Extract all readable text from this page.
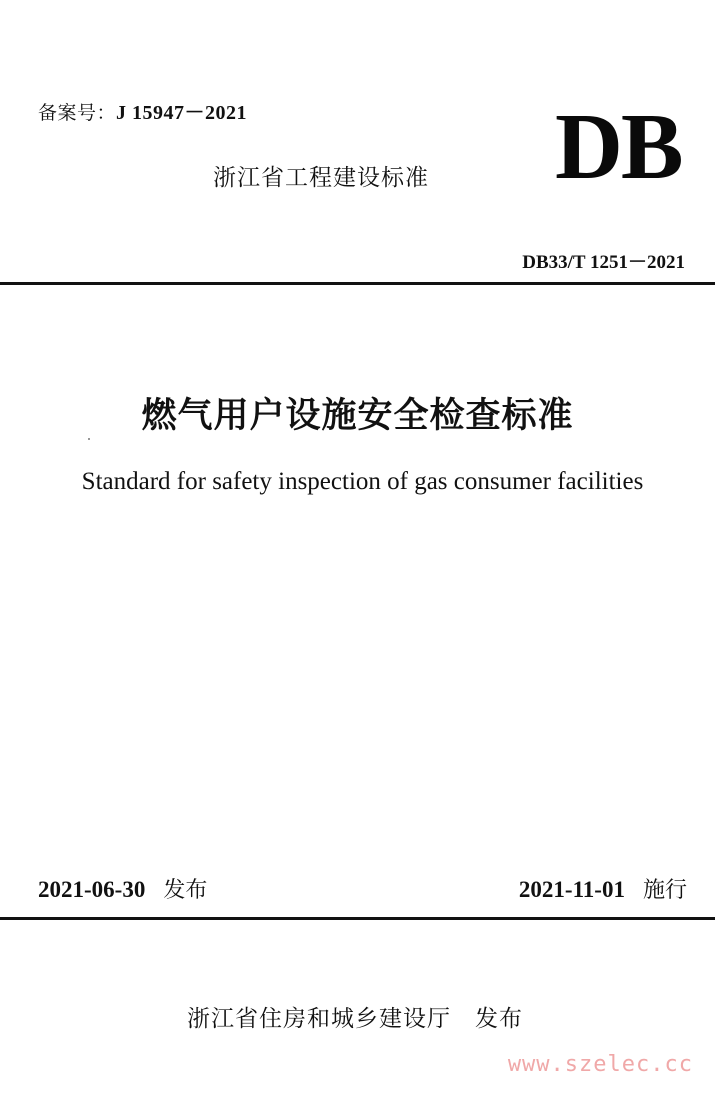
备案号：J 15947－2021
浙江省工程建设标准 DB
DB33/T 1251－2021
燃气用户设施安全检查标准
Standard for safety inspection of gas consumer facilities
2021-06-30 发布	2021-11-01 施行
浙江省住房和城乡建设厅　发布
www.szelec.cc
